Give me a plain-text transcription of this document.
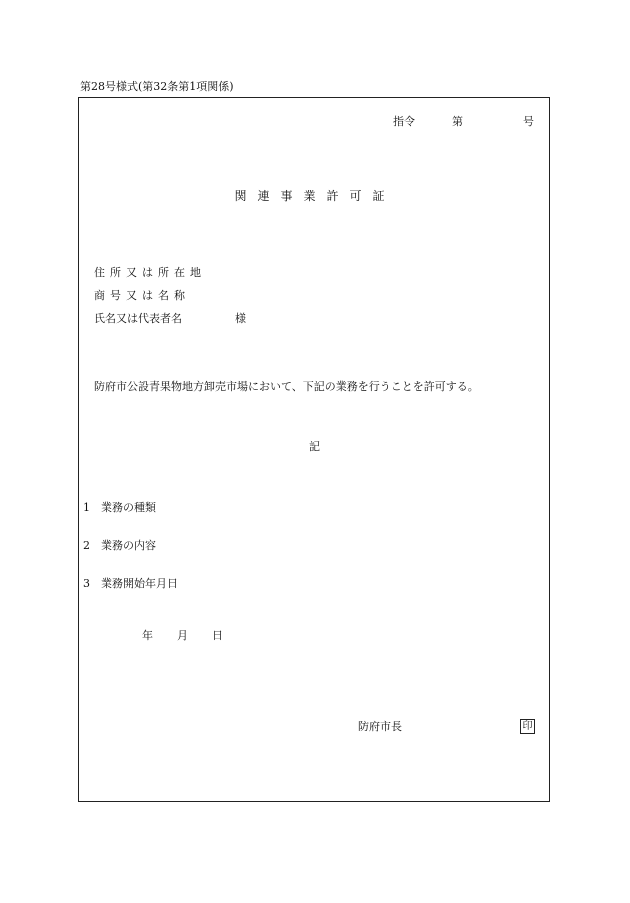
第28号様式(第32条第1項関係)
指令	第	号
関連事業許可証
住所又は所在地
商号又は名称
氏名又は代表者名	様
防府市公設青果物地方卸売市場において、下記の業務を行うことを許可する。
記
1 業務の種類
2 業務の内容
3 業務開始年月日
年 月 日
防府市長	印
